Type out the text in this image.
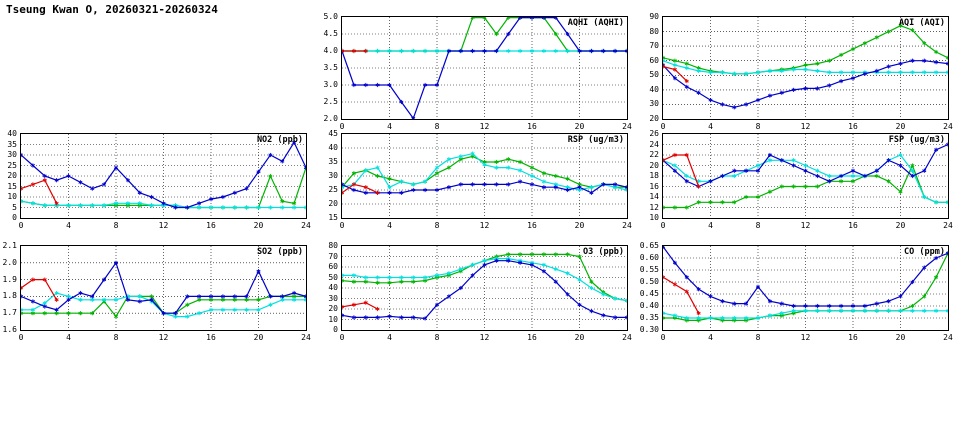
Tseung Kwan O, 20260321-20260324
AQHI (AQHI)
2.0
2.5
3.0
3.5
4.0
4.5
5.0
0	4	8	12	16	20	24
AQI (AQI)
20
30
40
50
60
70
80
90
0	4	8	12	16	20	24
NO2 (ppb)
0
5
10
15
20
25
30
35
40
0	4	8	12	16	20	24
RSP (ug/m3)
15
20
25
30
35
40
45
0	4	8	12	16	20	24
FSP (ug/m3)
10
12
14
16
18
20
22
24
26
0	4	8	12	16	20	24
SO2 (ppb)
1.6
1.7
1.8
1.9
2.0
2.1
0	4	8	12	16	20	24
O3 (ppb)
0
10
20
30
40
50
60
70
80
0	4	8	12	16	20	24
CO (ppm)
0.30
0.35
0.40
0.45
0.50
0.55
0.60
0.65
0	4	8	12	16	20	24
